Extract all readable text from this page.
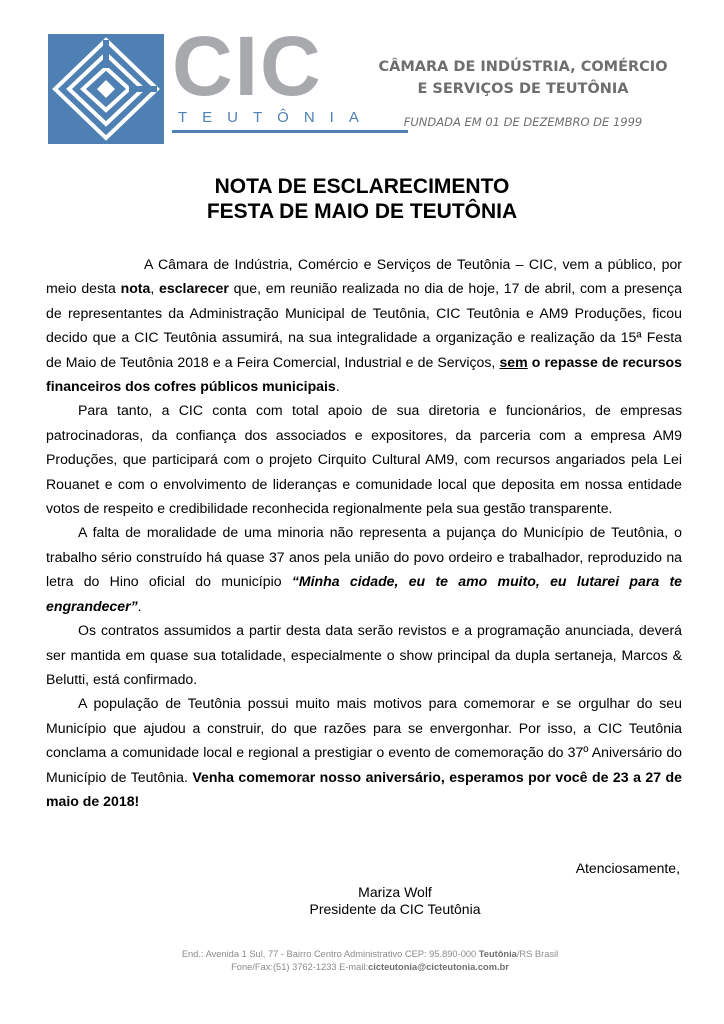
CIC
TEUTÔNIA
CÂMARA DE INDÚSTRIA, COMÉRCIO
E SERVIÇOS DE TEUTÔNIA
FUNDADA EM 01 DE DEZEMBRO DE 1999
NOTA DE ESCLARECIMENTO
FESTA DE MAIO DE TEUTÔNIA

A Câmara de Indústria, Comércio e Serviços de Teutônia – CIC, vem a público, por meio desta nota, esclarecer que, em reunião realizada no dia de hoje, 17 de abril, com a presença de representantes da Administração Municipal de Teutônia, CIC Teutônia e AM9 Produções, ficou decido que a CIC Teutônia assumirá, na sua integralidade a organização e realização da 15ª Festa de Maio de Teutônia 2018 e a Feira Comercial, Industrial e de Serviços, sem o repasse de recursos financeiros dos cofres públicos municipais.

Para tanto, a CIC conta com total apoio de sua diretoria e funcionários, de empresas patrocinadoras, da confiança dos associados e expositores, da parceria com a empresa AM9 Produções, que participará com o projeto Cirquito Cultural AM9, com recursos angariados pela Lei Rouanet e com o envolvimento de lideranças e comunidade local que deposita em nossa entidade votos de respeito e credibilidade reconhecida regionalmente pela sua gestão transparente.

A falta de moralidade de uma minoria não representa a pujança do Município de Teutônia, o trabalho sério construído há quase 37 anos pela união do povo ordeiro e trabalhador, reproduzido na letra do Hino oficial do município “Minha cidade, eu te amo muito, eu lutarei para te engrandecer”.

Os contratos assumidos a partir desta data serão revistos e a programação anunciada, deverá ser mantida em quase sua totalidade, especialmente o show principal da dupla sertaneja, Marcos & Belutti, está confirmado.

A população de Teutônia possui muito mais motivos para comemorar e se orgulhar do seu Município que ajudou a construir, do que razões para se envergonhar. Por isso, a CIC Teutônia conclama a comunidade local e regional a prestigiar o evento de comemoração do 37º Aniversário do Município de Teutônia. Venha comemorar nosso aniversário, esperamos por você de 23 a 27 de maio de 2018!

Atenciosamente,
Mariza Wolf
Presidente da CIC Teutônia
End.: Avenida 1 Sul, 77 - Bairro Centro Administrativo CEP: 95.890-000 Teutônia/RS Brasil
Fone/Fax:(51) 3762-1233 E-mail:cicteutonia@cicteutonia.com.br
